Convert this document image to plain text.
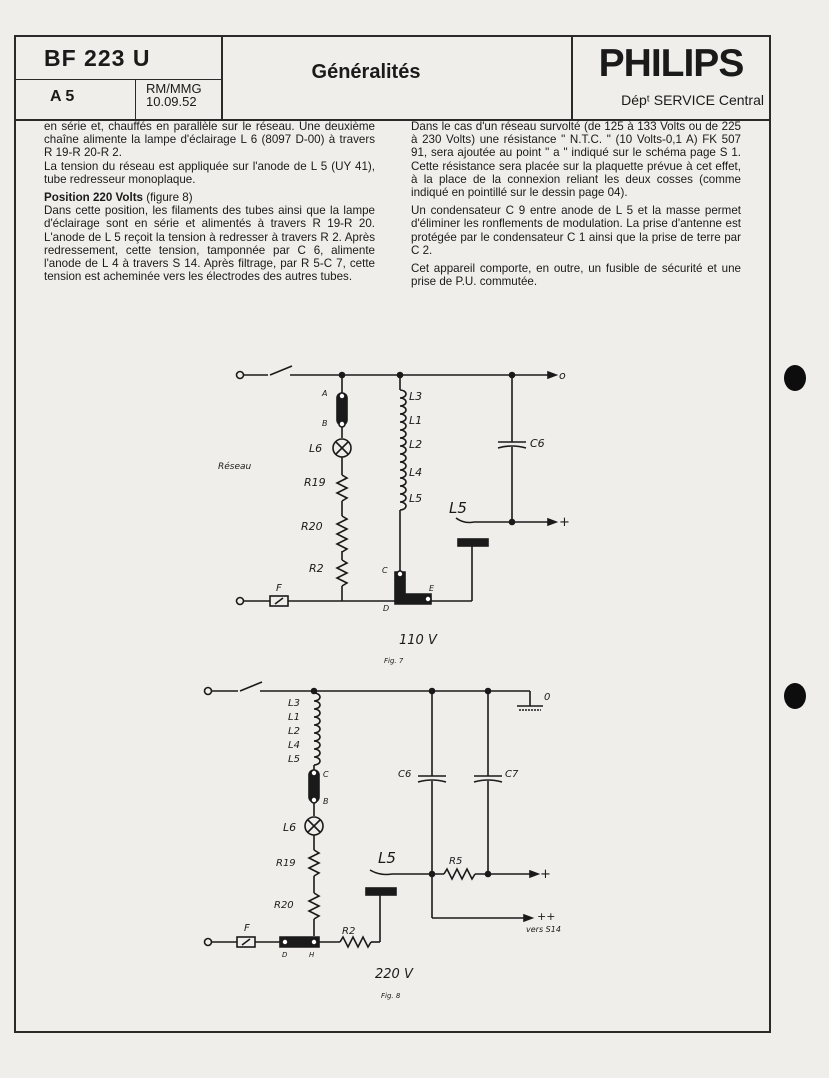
BF 223 U
A 5	RM/MMG
10.09.52
Généralités	PHILIPS
Dépᵗ SERVICE Central

en série et, chauffés en parallèle sur le réseau. Une deuxième chaîne alimente la lampe d'éclairage L 6 (8097 D-00) à travers R 19-R 20-R 2.

La tension du réseau est appliquée sur l'anode de L 5 (UY 41), tube redresseur monoplaque.

Position 220 Volts (figure 8)
Dans cette position, les filaments des tubes ainsi que la lampe d'éclairage sont en série et alimentés à travers R 19-R 20. L'anode de L 5 reçoit la tension à redresser à travers R 2. Après redressement, cette tension, tamponnée par C 6, alimente l'anode de L 4 à travers S 14. Après filtrage, par R 5-C 7, cette tension est acheminée vers les électrodes des autres tubes.

Dans le cas d'un réseau survolté (de 125 à 133 Volts ou de 225 à 230 Volts) une résistance " N.T.C. " (10 Volts-0,1 A) FK 507 91, sera ajoutée au point " a " indiqué sur le schéma page S 1. Cette résistance sera placée sur la plaquette prévue à cet effet, à la place de la connexion reliant les deux cosses (comme indiqué en pointillé sur le dessin page 04).

Un condensateur C 9 entre anode de L 5 et la masse permet d'éliminer les ronflements de modulation. La prise d'antenne est protégée par le condensateur C 1 ainsi que la prise de terre par C 2.

Cet appareil comporte, en outre, un fusible de sécurité et une prise de P.U. commutée.

A
B
L6
Réseau
R19
R20
R2
L3
L1
L2
L4
L5
C6
L5
o
+
C
E
D
F
110 V
Fig. 7
L3
L1
L2
L4
L5
C
B
L6
R19
R20
F
D	H
R2
C6	C7
L5	R5
0
+
++
vers S14
220 V
Fig. 8
